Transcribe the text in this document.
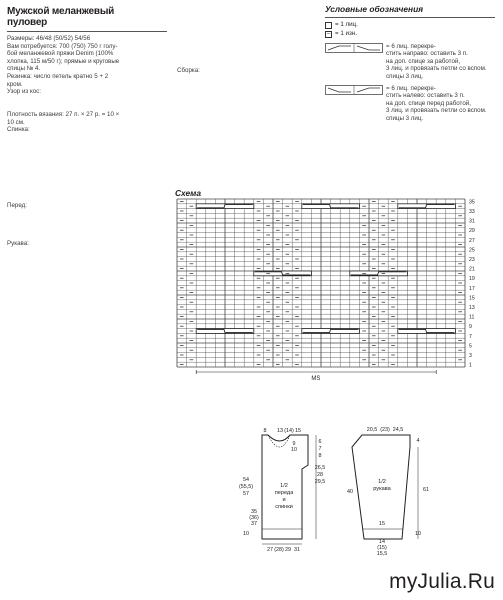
Мужской меланжевый
пуловер
Размеры: 46/48 (50/52) 54/56
Вам потребуется: 700 (750) 750 г голу-
бой меланжевой пряжи Denim (100%
хлопка, 115 м/50 г); прямые и круговые
спицы № 4.
Резинка: число петель кратно 5 + 2
кром.
Узор из кос:
Плотность вязания: 27 п. × 27 р. = 10 ×
10 см.
Спинка:
Перед:
Рукава:
Сборка:
Условные обозначения
= 1 лиц.
– = 1 изн.
= 6 лиц. перекре-
стить направо: оставить 3 п.
на доп. спице за работой,
3 лиц. и провязать петли со вспом.
спицы 3 лиц.
= 6 лиц. перекре-
стить налево: оставить 3 п.
на доп. спице перед работой,
3 лиц. и провязать петли со вспом.
спицы 3 лиц.
Схема
35
33
31
29
27
25
23
21
19
17
15
13
11
9
7
5
3
1
MS
1/2
переда
и
спинки
8 13 (14) 15
9
10
26,5
28
29,5
6
7
8
54
(55,5)
57
35
(36)
37
10
27 (28) 29 31
1/2
рукава
20,5 (23) 24,5
4
61
40
15
14
(15)
15,5
10
myJulia.Ru
